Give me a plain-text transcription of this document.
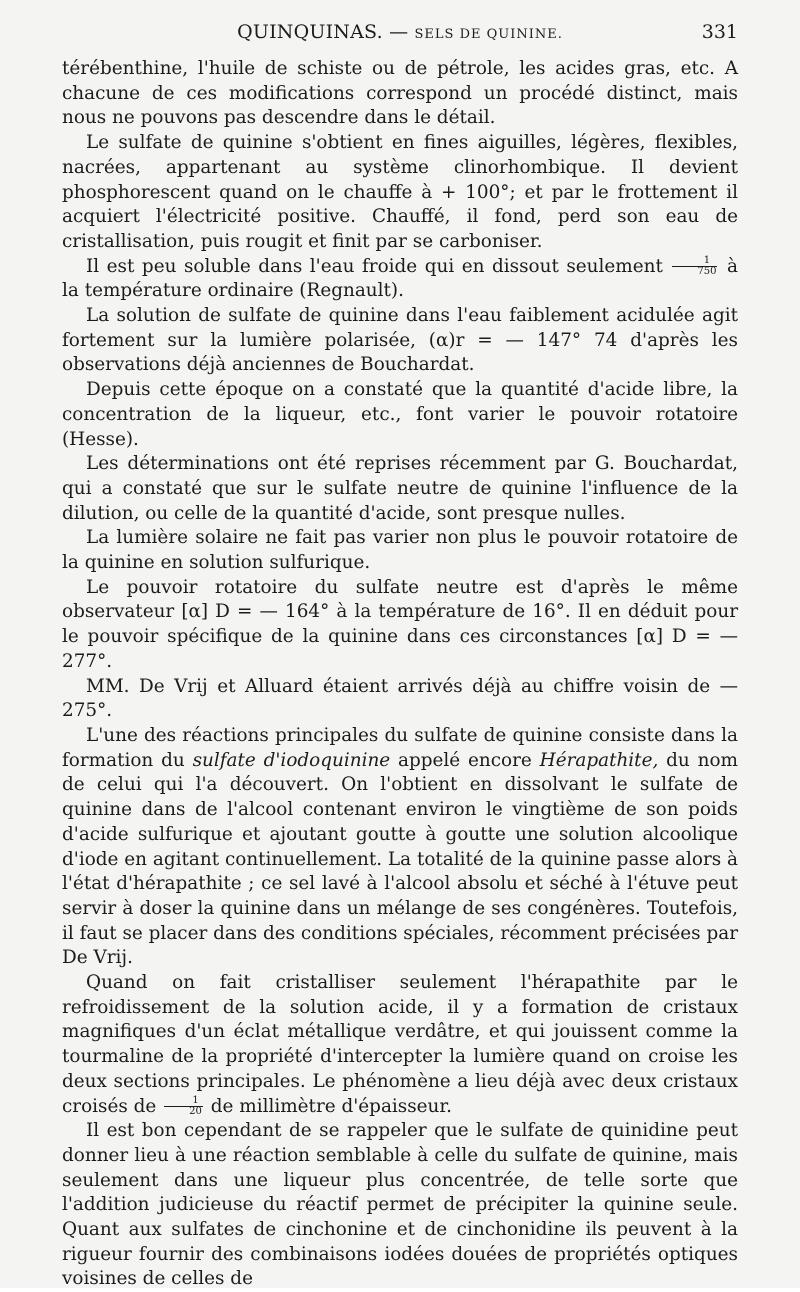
QUINQUINAS. — SELS DE QUININE.	331

térébenthine, l'huile de schiste ou de pétrole, les acides gras, etc. A chacune de ces modifications correspond un procédé distinct, mais nous ne pouvons pas descendre dans le détail.

Le sulfate de quinine s'obtient en fines aiguilles, légères, flexibles, nacrées, appartenant au système clinorhombique. Il devient phosphorescent quand on le chauffe à + 100°; et par le frottement il acquiert l'électricité positive. Chauffé, il fond, perd son eau de cristallisation, puis rougit et finit par se carboniser.

Il est peu soluble dans l'eau froide qui en dissout seulement $\frac{1}{750}$ à la température ordinaire (Regnault).

La solution de sulfate de quinine dans l'eau faiblement acidulée agit fortement sur la lumière polarisée, (α)r = — 147° 74 d'après les observations déjà anciennes de Bouchardat.

Depuis cette époque on a constaté que la quantité d'acide libre, la concentration de la liqueur, etc., font varier le pouvoir rotatoire (Hesse).

Les déterminations ont été reprises récemment par G. Bouchardat, qui a constaté que sur le sulfate neutre de quinine l'influence de la dilution, ou celle de la quantité d'acide, sont presque nulles.

La lumière solaire ne fait pas varier non plus le pouvoir rotatoire de la quinine en solution sulfurique.

Le pouvoir rotatoire du sulfate neutre est d'après le même observateur [α] D = — 164° à la température de 16°. Il en déduit pour le pouvoir spécifique de la quinine dans ces circonstances [α] D = — 277°.

MM. De Vrij et Alluard étaient arrivés déjà au chiffre voisin de — 275°.

L'une des réactions principales du sulfate de quinine consiste dans la formation du sulfate d'iodoquinine appelé encore Hérapathite, du nom de celui qui l'a découvert. On l'obtient en dissolvant le sulfate de quinine dans de l'alcool contenant environ le vingtième de son poids d'acide sulfurique et ajoutant goutte à goutte une solution alcoolique d'iode en agitant continuellement. La totalité de la quinine passe alors à l'état d'hérapathite ; ce sel lavé à l'alcool absolu et séché à l'étuve peut servir à doser la quinine dans un mélange de ses congénères. Toutefois, il faut se placer dans des conditions spéciales, récomment précisées par De Vrij.

Quand on fait cristalliser seulement l'hérapathite par le refroidissement de la solution acide, il y a formation de cristaux magnifiques d'un éclat métallique verdâtre, et qui jouissent comme la tourmaline de la propriété d'intercepter la lumière quand on croise les deux sections principales. Le phénomène a lieu déjà avec deux cristaux croisés de $\frac{1}{20}$ de millimètre d'épaisseur.

Il est bon cependant de se rappeler que le sulfate de quinidine peut donner lieu à une réaction semblable à celle du sulfate de quinine, mais seulement dans une liqueur plus concentrée, de telle sorte que l'addition judicieuse du réactif permet de précipiter la quinine seule. Quant aux sulfates de cinchonine et de cinchonidine ils peuvent à la rigueur fournir des combinaisons iodées douées de propriétés optiques voisines de celles de
